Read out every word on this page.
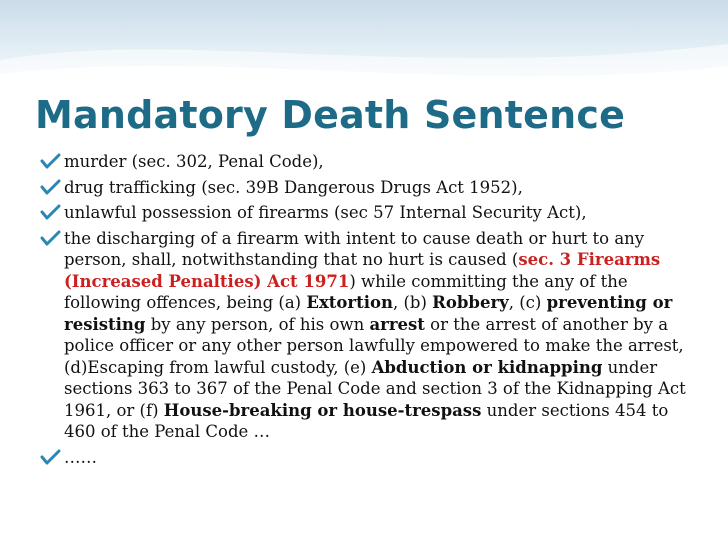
Mandatory Death Sentence
murder (sec. 302, Penal Code),
drug trafficking (sec. 39B Dangerous Drugs Act 1952),
unlawful possession of firearms (sec 57 Internal Security Act),
the discharging of a firearm with intent to cause death or hurt to any person, shall, notwithstanding that no hurt is caused (sec. 3 Firearms (Increased Penalties) Act 1971) while committing the any of the following offences, being (a) Extortion, (b) Robbery, (c) preventing or resisting by any person, of his own arrest or the arrest of another by a police officer or any other person lawfully empowered to make the arrest, (d)Escaping from lawful custody, (e) Abduction or kidnapping under sections 363 to 367 of the Penal Code and section 3 of the Kidnapping Act 1961, or (f) House-breaking or house-trespass under sections 454 to 460 of the Penal Code …
……
